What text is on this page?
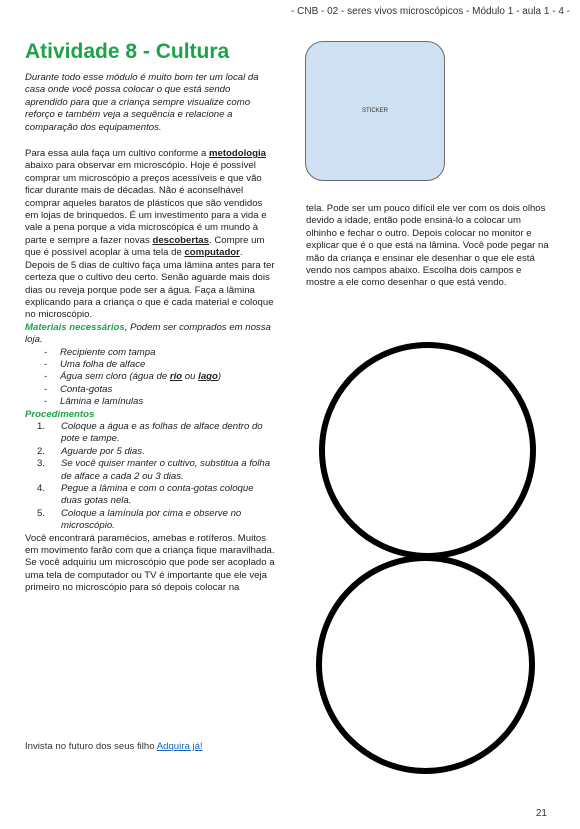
- CNB - 02 - seres vivos microscópicos - Módulo 1 - aula 1 - 4 -
Atividade 8 - Cultura

Durante todo esse módulo é muito bom ter um local da casa onde você possa colocar o que está sendo aprendido para que a criança sempre visualize como reforço e também veja a sequência e relacione a comparação dos equipamentos.

Para essa aula faça um cultivo conforme a metodologia abaixo para observar em microscópio. Hoje é possível comprar um microscópio a preços acessíveis e que vão ficar durante mais de décadas. Não é aconselhável comprar aqueles baratos de plásticos que são vendidos em lojas de brinquedos. É um investimento para a vida e vale a pena porque a vida microscópica é um mundo à parte e sempre a fazer novas descobertas. Compre um que é possível acoplar à uma tela de computador. Depois de 5 dias de cultivo faça uma lâmina antes para ter certeza que o cultivo deu certo. Senão aguarde mais dois dias ou reveja porque pode ser a água. Faça a lâmina explicando para a criança o que é cada material e coloque no microscópio.

Materiais necessários, Podem ser comprados em nossa loja.

- Recipiente com tampa
- Uma folha de alface
- Água sem cloro (água de rio ou lago)
- Conta-gotas
- Lâmina e lamínulas

Procedimentos

1. Coloque a água e as folhas de alface dentro do pote e tampe.
2. Aguarde por 5 dias.
3. Se você quiser manter o cultivo, substitua a folha de alface a cada 2 ou 3 dias.
4. Pegue a lâmina e com o conta-gotas coloque duas gotas nela.
5. Coloque a lamínula por cima e observe no microscópio.

Você encontrará paramécios, amebas e rotíferos. Muitos em movimento farão com que a criança fique maravilhada. Se você adquiriu um microscópio que pode ser acoplado a uma tela de computador ou TV é importante que ele veja primeiro no microscópio para só depois colocar na

Invista no futuro dos seus filho Adquira já!
STICKER

tela. Pode ser um pouco difícil ele ver com os dois olhos devido a idade, então pode ensiná-lo a colocar um olhinho e fechar o outro. Depois colocar no monitor e explicar que é o que está na lâmina. Você pode pegar na mão da criança e ensinar ele desenhar o que ele está vendo nos campos abaixo. Escolha dois campos e mostre a ele como desenhar o que está vendo.

21
